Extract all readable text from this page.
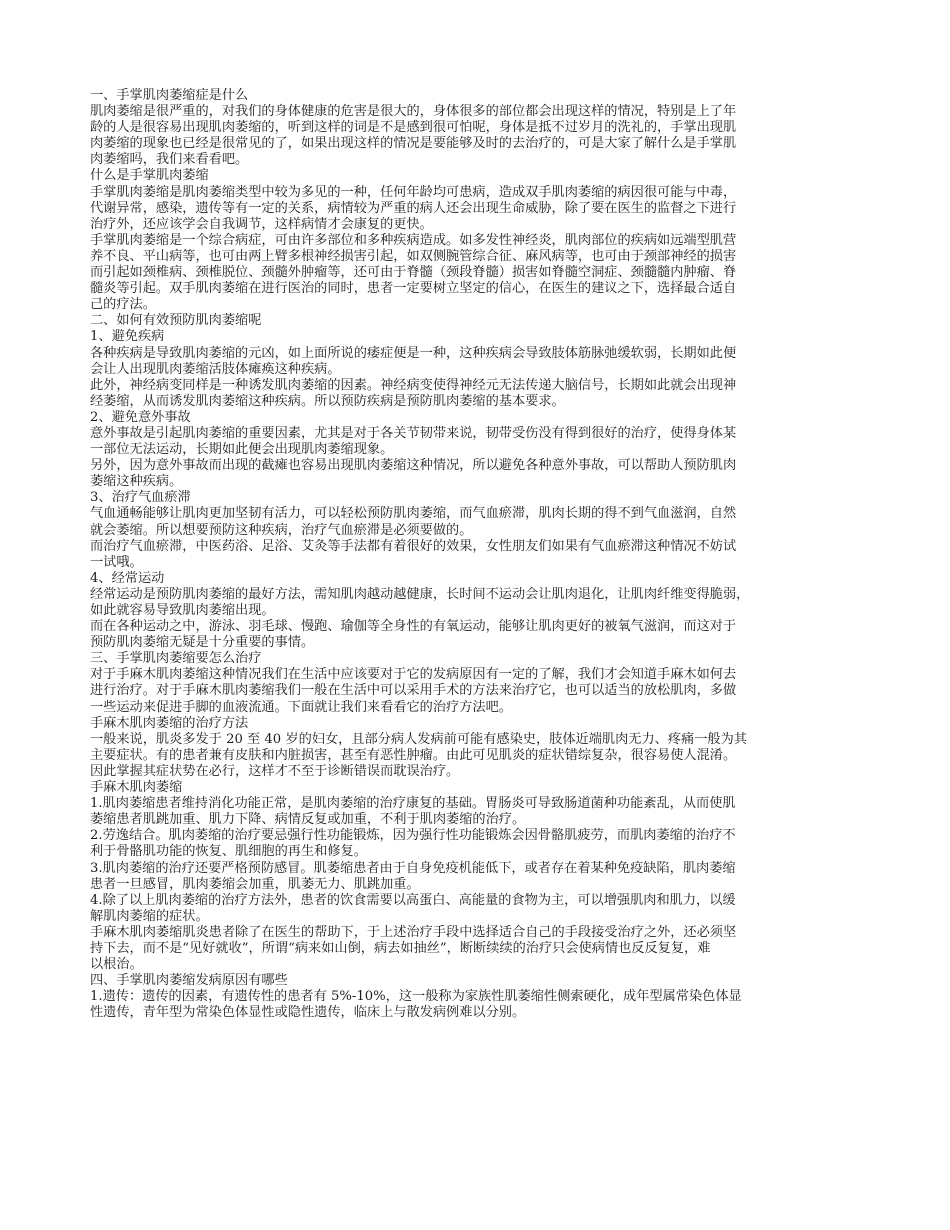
一、手掌肌肉萎缩症是什么
肌肉萎缩是很严重的，对我们的身体健康的危害是很大的，身体很多的部位都会出现这样的情况，特别是上了年
龄的人是很容易出现肌肉萎缩的，听到这样的词是不是感到很可怕呢，身体是抵不过岁月的洗礼的，手掌出现肌
肉萎缩的现象也已经是很常见的了，如果出现这样的情况是要能够及时的去治疗的，可是大家了解什么是手掌肌
肉萎缩吗，我们来看看吧。
什么是手掌肌肉萎缩
手掌肌肉萎缩是肌肉萎缩类型中较为多见的一种，任何年龄均可患病，造成双手肌肉萎缩的病因很可能与中毒，
代谢异常，感染，遗传等有一定的关系，病情较为严重的病人还会出现生命威胁，除了要在医生的监督之下进行
治疗外，还应该学会自我调节，这样病情才会康复的更快。
手掌肌肉萎缩是一个综合病症，可由许多部位和多种疾病造成。如多发性神经炎，肌肉部位的疾病如远端型肌营
养不良、平山病等，也可由两上臂多根神经损害引起，如双侧腕管综合征、麻风病等，也可由于颈部神经的损害
而引起如颈椎病、颈椎脱位、颈髓外肿瘤等，还可由于脊髓（颈段脊髓）损害如脊髓空洞症、颈髓髓内肿瘤、脊
髓炎等引起。双手肌肉萎缩在进行医治的同时，患者一定要树立坚定的信心，在医生的建议之下，选择最合适自
己的疗法。
二、如何有效预防肌肉萎缩呢
1、避免疾病
各种疾病是导致肌肉萎缩的元凶，如上面所说的痿症便是一种，这种疾病会导致肢体筋脉弛缓软弱，长期如此便
会让人出现肌肉萎缩活肢体瘫痪这种疾病。
此外，神经病变同样是一种诱发肌肉萎缩的因素。神经病变使得神经元无法传递大脑信号，长期如此就会出现神
经萎缩，从而诱发肌肉萎缩这种疾病。所以预防疾病是预防肌肉萎缩的基本要求。
2、避免意外事故
意外事故是引起肌肉萎缩的重要因素，尤其是对于各关节韧带来说，韧带受伤没有得到很好的治疗，使得身体某
一部位无法运动，长期如此便会出现肌肉萎缩现象。
另外，因为意外事故而出现的截瘫也容易出现肌肉萎缩这种情况，所以避免各种意外事故，可以帮助人预防肌肉
萎缩这种疾病。
3、治疗气血瘀滞
气血通畅能够让肌肉更加坚韧有活力，可以轻松预防肌肉萎缩，而气血瘀滞，肌肉长期的得不到气血滋润，自然
就会萎缩。所以想要预防这种疾病，治疗气血瘀滞是必须要做的。
而治疗气血瘀滞，中医药浴、足浴、艾灸等手法都有着很好的效果，女性朋友们如果有气血瘀滞这种情况不妨试
一试哦。
4、经常运动
经常运动是预防肌肉萎缩的最好方法，需知肌肉越动越健康，长时间不运动会让肌肉退化，让肌肉纤维变得脆弱，
如此就容易导致肌肉萎缩出现。
而在各种运动之中，游泳、羽毛球、慢跑、瑜伽等全身性的有氧运动，能够让肌肉更好的被氧气滋润，而这对于
预防肌肉萎缩无疑是十分重要的事情。
三、手掌肌肉萎缩要怎么治疗
对于手麻木肌肉萎缩这种情况我们在生活中应该要对于它的发病原因有一定的了解，我们才会知道手麻木如何去
进行治疗。对于手麻木肌肉萎缩我们一般在生活中可以采用手术的方法来治疗它，也可以适当的放松肌肉，多做
一些运动来促进手脚的血液流通。下面就让我们来看看它的治疗方法吧。
手麻木肌肉萎缩的治疗方法
一般来说，肌炎多发于 20 至 40 岁的妇女，且部分病人发病前可能有感染史，肢体近端肌肉无力、疼痛一般为其
主要症状。有的患者兼有皮肤和内脏损害，甚至有恶性肿瘤。由此可见肌炎的症状错综复杂，很容易使人混淆。
因此掌握其症状势在必行，这样才不至于诊断错误而耽误治疗。
手麻木肌肉萎缩
1.肌肉萎缩患者维持消化功能正常，是肌肉萎缩的治疗康复的基础。胃肠炎可导致肠道菌种功能紊乱，从而使肌
萎缩患者肌跳加重、肌力下降、病情反复或加重，不利于肌肉萎缩的治疗。
2.劳逸结合。肌肉萎缩的治疗要忌强行性功能锻炼，因为强行性功能锻炼会因骨骼肌疲劳，而肌肉萎缩的治疗不
利于骨骼肌功能的恢复、肌细胞的再生和修复。
3.肌肉萎缩的治疗还要严格预防感冒。肌萎缩患者由于自身免疫机能低下，或者存在着某种免疫缺陷，肌肉萎缩
患者一旦感冒，肌肉萎缩会加重，肌萎无力、肌跳加重。
4.除了以上肌肉萎缩的治疗方法外，患者的饮食需要以高蛋白、高能量的食物为主，可以增强肌肉和肌力，以缓
解肌肉萎缩的症状。
手麻木肌肉萎缩肌炎患者除了在医生的帮助下，于上述治疗手段中选择适合自己的手段接受治疗之外，还必须坚
持下去，而不是“见好就收”，所谓“病来如山倒，病去如抽丝”，断断续续的治疗只会使病情也反反复复，难
以根治。
四、手掌肌肉萎缩发病原因有哪些
1.遗传：遗传的因素，有遗传性的患者有 5%-10%，这一般称为家族性肌萎缩性侧索硬化，成年型属常染色体显
性遗传，青年型为常染色体显性或隐性遗传，临床上与散发病例难以分别。
